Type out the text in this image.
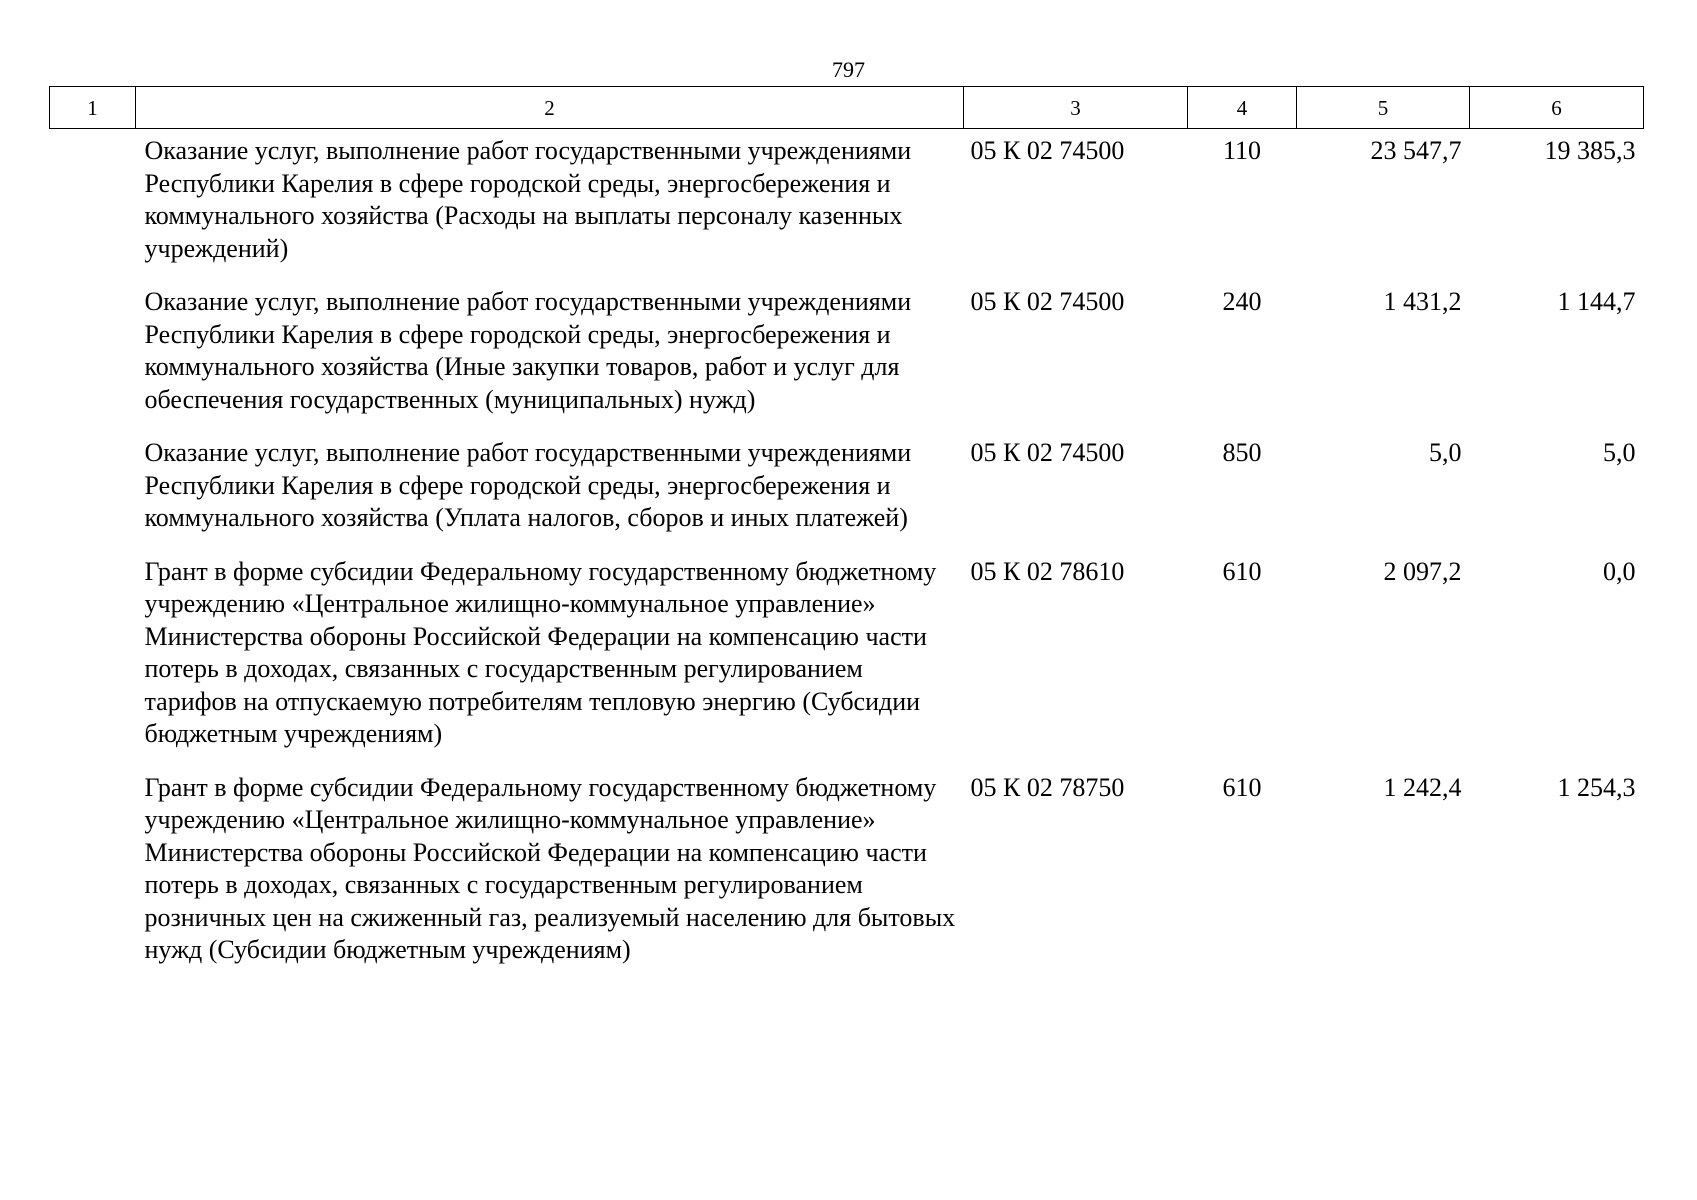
797
1	2	3	4	5	6
	Оказание услуг, выполнение работ государственными учреждениями Республики Карелия в сфере городской среды, энергосбережения и коммунального хозяйства (Расходы на выплаты персоналу казенных учреждений)	05 К 02 74500	110	23 547,7	19 385,3
	Оказание услуг, выполнение работ государственными учреждениями Республики Карелия в сфере городской среды, энергосбережения и коммунального хозяйства (Иные закупки товаров, работ и услуг для обеспечения государственных (муниципальных) нужд)	05 К 02 74500	240	1 431,2	1 144,7
	Оказание услуг, выполнение работ государственными учреждениями Республики Карелия в сфере городской среды, энергосбережения и коммунального хозяйства (Уплата налогов, сборов и иных платежей)	05 К 02 74500	850	5,0	5,0
	Грант в форме субсидии Федеральному государственному бюджетному учреждению «Центральное жилищно-коммунальное управление» Министерства обороны Российской Федерации на компенсацию части потерь в доходах, связанных с государственным регулированием тарифов на отпускаемую потребителям тепловую энергию (Субсидии бюджетным учреждениям)	05 К 02 78610	610	2 097,2	0,0
	Грант в форме субсидии Федеральному государственному бюджетному учреждению «Центральное жилищно-коммунальное управление» Министерства обороны Российской Федерации на компенсацию части потерь в доходах, связанных с государственным регулированием розничных цен на сжиженный газ, реализуемый населению для бытовых нужд (Субсидии бюджетным учреждениям)	05 К 02 78750	610	1 242,4	1 254,3
